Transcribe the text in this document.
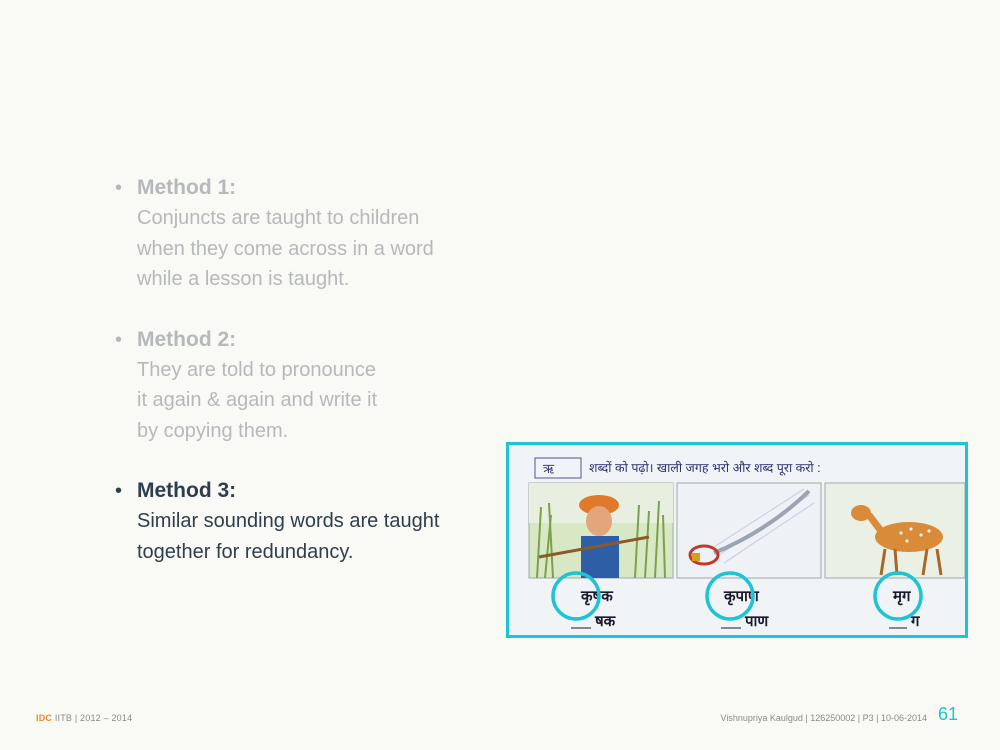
• Method 1:
Conjuncts are taught to children
when they come across in a word
while a lesson is taught.
• Method 2:
They are told to pronounce
it again & again and write it
by copying them.
• Method 3:
Similar sounding words are taught
together for redundancy.
ऋ	शब्दों को पढ़ो। खाली जगह भरो और शब्द पूरा करो :
कृषक
षक
कृपाण
पाण
मृग
ग
IDC IITB | 2012 – 2014	Vishnupriya Kaulgud | 126250002 | P3 | 10-06-2014 61
